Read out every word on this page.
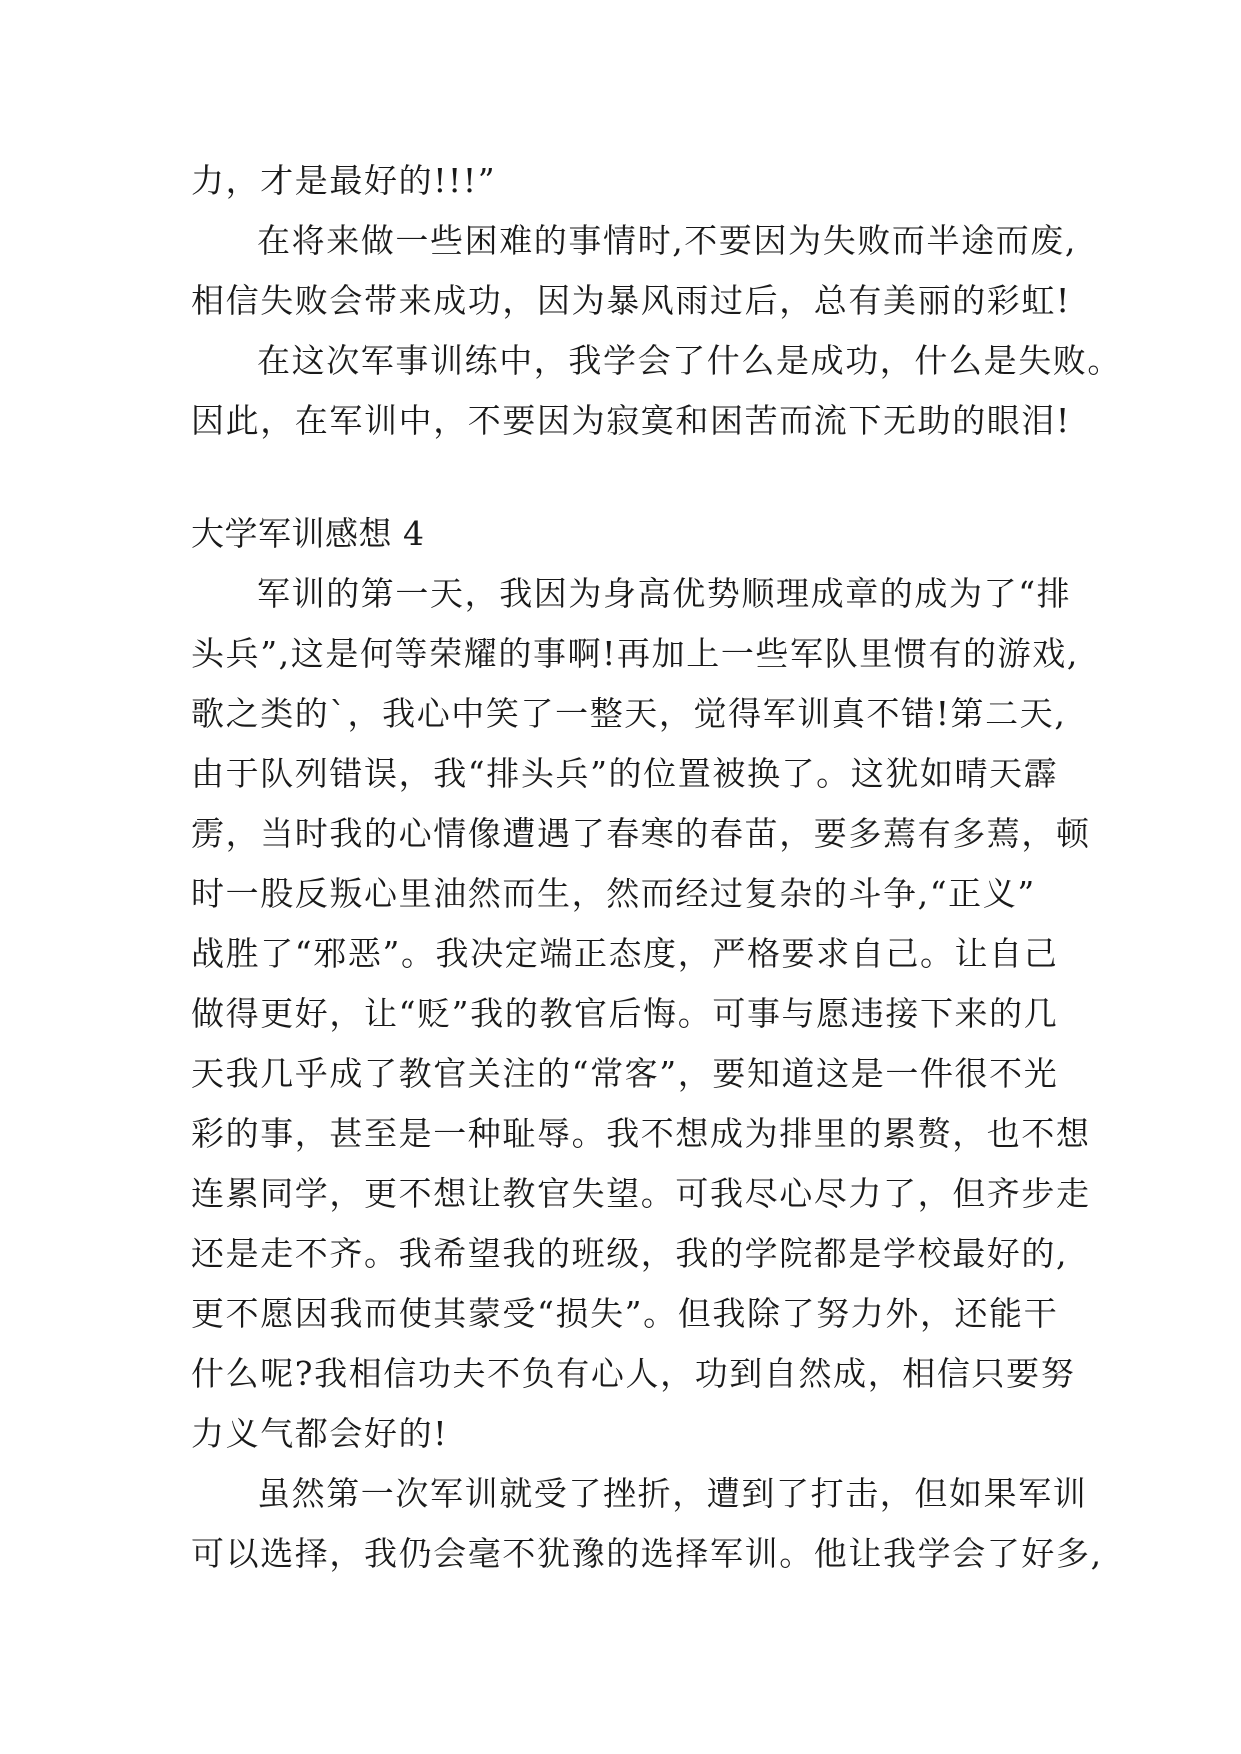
力，才是最好的!!!”
在将来做一些困难的事情时,不要因为失败而半途而废,
相信失败会带来成功，因为暴风雨过后，总有美丽的彩虹!
在这次军事训练中，我学会了什么是成功，什么是失败。
因此，在军训中，不要因为寂寞和困苦而流下无助的眼泪!
大学军训感想 4
军训的第一天，我因为身高优势顺理成章的成为了“排
头兵”,这是何等荣耀的事啊!再加上一些军队里惯有的游戏,
歌之类的`，我心中笑了一整天，觉得军训真不错!第二天,
由于队列错误，我“排头兵”的位置被换了。这犹如晴天霹
雳，当时我的心情像遭遇了春寒的春苗，要多蔫有多蔫，顿
时一股反叛心里油然而生，然而经过复杂的斗争,“正义”
战胜了“邪恶”。我决定端正态度，严格要求自己。让自己
做得更好，让“贬”我的教官后悔。可事与愿违接下来的几
天我几乎成了教官关注的“常客”，要知道这是一件很不光
彩的事，甚至是一种耻辱。我不想成为排里的累赘，也不想
连累同学，更不想让教官失望。可我尽心尽力了，但齐步走
还是走不齐。我希望我的班级，我的学院都是学校最好的,
更不愿因我而使其蒙受“损失”。但我除了努力外，还能干
什么呢?我相信功夫不负有心人，功到自然成，相信只要努
力义气都会好的!
虽然第一次军训就受了挫折，遭到了打击，但如果军训
可以选择，我仍会毫不犹豫的选择军训。他让我学会了好多,
